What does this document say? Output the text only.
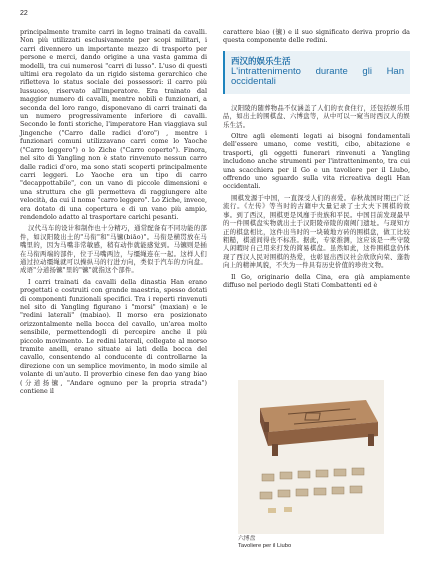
22

principalmente tramite carri in legno trainati da cavalli. Non più utilizzati esclusivamente per scopi militari, i carri divennero un importante mezzo di trasporto per persone e merci, dando origine a una vasta gamma di modelli, tra cui numerosi "carri di lusso". L'uso di questi ultimi era regolato da un rigido sistema gerarchico che rifletteva lo status sociale dei possessori: il carro più lussuoso, riservato all'imperatore. Era trainato dal maggior numero di cavalli, mentre nobili e funzionari, a seconda del loro rango, disponevano di carri trainati da un numero progressivamente inferiore di cavalli. Secondo le fonti storiche, l'imperatore Han viaggiava sul Jingenche ("Carro dalle radici d'oro") , mentre i funzionari comuni utilizzavano carri come lo Yaoche ("Carro leggero") o lo Ziche ("Carro coperto"). Finora, nel sito di Yangling non è stato rinvenuto nessun carro dalle radici d'oro, ma sono stati scoperti principalmente carri leggeri. Lo Yaoche era un tipo di carro "decappottabile", con un vano di piccole dimensioni e una struttura che gli permetteva di raggiungere alte velocità, da cui il nome "carro leggero". Lo Ziche, invece, era dotato di una copertura e di un vano più ampio, rendendolo adatto al trasportare carichi pesanti.

汉代马车的设计和制作也十分精巧，通常配备有不同功能的部件，如汉阳陵出土的"马衔"和"马镳(biāo)"。马衔是横贯放在马嘴里的，因为马嘴非常敏感，稍有动作就能感觉到。马镳则是插在马衔两端的部件，位于马嘴两边，与缰绳连在一起。这样人们通过拉动缰绳就可以操纵马的行进方向，类似于汽车的方向盘。成语"分道扬镳"里的"镳"就指这个部件。

I carri trainati da cavalli della dinastia Han erano progettati e costruiti con grande maestria, spesso dotati di componenti funzionali specifici. Tra i reperti rinvenuti nel sito di Yangling figurano i "morsi" (maxian) e le "redini laterali" (mabiao). Il morso era posizionato orizzontalmente nella bocca del cavallo, un'area molto sensibile, permettendogli di percepire anche il più piccolo movimento. Le redini laterali, collegate al morso tramite anelli, erano situate ai lati della bocca del cavallo, consentendo al conducente di controllarne la direzione con un semplice movimento, in modo simile al volante di un'auto. Il proverbio cinese fen dao yang biao (分道扬镳, "Andare ognuno per la propria strada") contiene il

carattere biao (镳) e il suo significato deriva proprio da questa componente delle redini.

西汉的娱乐生活
L'intrattenimento durante gli Han occidentali

汉阳陵的随葬物品不仅涵盖了人们的衣食住行，还包括娱乐用品，如出土的围棋盘、六博盘等，从中可以一窥当时西汉人的娱乐生活。

Oltre agli elementi legati ai bisogni fondamentali dell'essere umano, come vestiti, cibo, abitazione e trasporti, gli oggetti funerari rinvenuti a Yangling includono anche strumenti per l'intrattenimento, tra cui una scacchiera per il Go e un tavoliere per il Liubo, offrendo uno sguardo sulla vita ricreativa degli Han occidentali.

围棋发源于中国，一直深受人们的喜爱。春秋战国时期已广泛流行。《左传》等当时的古籍中大量记录了士大夫下围棋的故事。到了西汉，围棋更是风靡于贵族和平民。中国目前发现最早的一件围棋盘实物就出土于汉阳陵帝陵的南阙门遗址。与现知方正的棋盘相比，这件出当时的一块破地方砖的围棋盘，做工比较粗糙，棋道间得也不标准。据此，专家推测，这应该是一些守陵人闲暇时自己用来打发的简易棋盘。虽然如此，这件围棋盘仍体现了西汉人民对围棋的热爱，也彰显出西汉社会欣欣向荣、蓬勃向上的精神风貌，不失为一件具有历史价值的珍贵文物。

Il Go, originario della Cina, era già ampiamente diffuso nel periodo degli Stati Combattenti ed è

六博盘
Tavoliere per il Liubo
